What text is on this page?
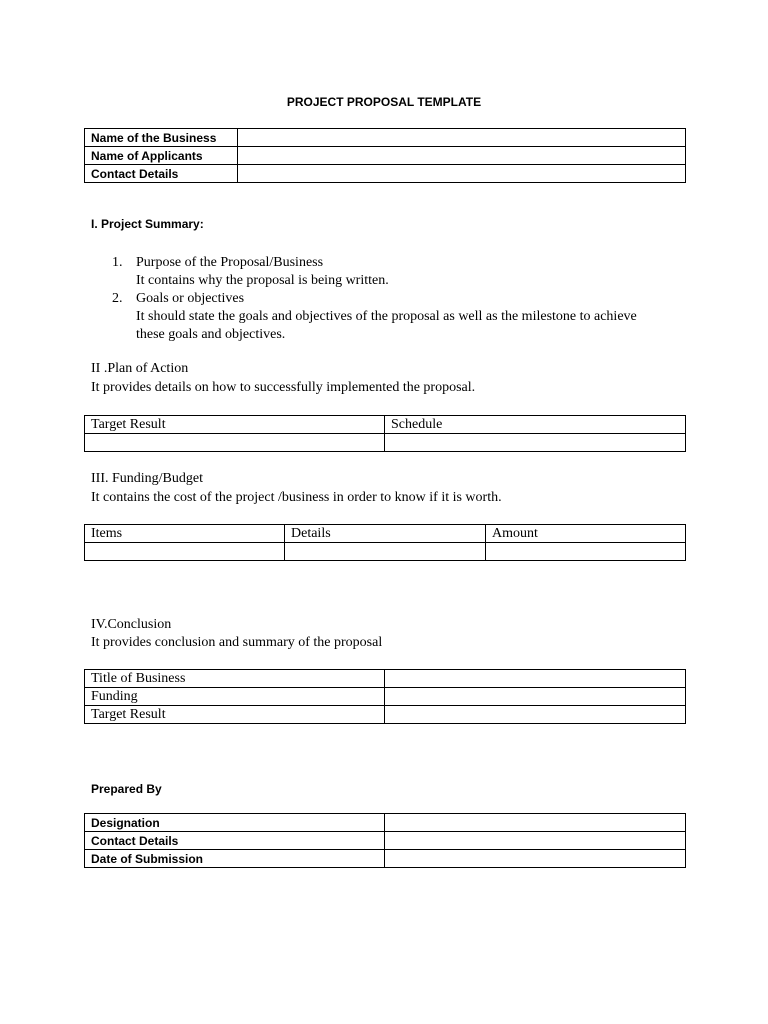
PROJECT PROPOSAL TEMPLATE
Name of the Business	
Name of Applicants	
Contact Details	
I. Project Summary:
1. Purpose of the Proposal/Business
It contains why the proposal is being written.
2. Goals or objectives
It should state the goals and objectives of the proposal as well as the milestone to achieve
these goals and objectives.
II .Plan of Action
It provides details on how to successfully implemented the proposal.
Target Result	Schedule

III. Funding/Budget
It contains the cost of the project /business in order to know if it is worth.
Items	Details	Amount

IV.Conclusion
It provides conclusion and summary of the proposal
Title of Business	
Funding	
Target Result	
Prepared By
Designation	
Contact Details	
Date of Submission	
